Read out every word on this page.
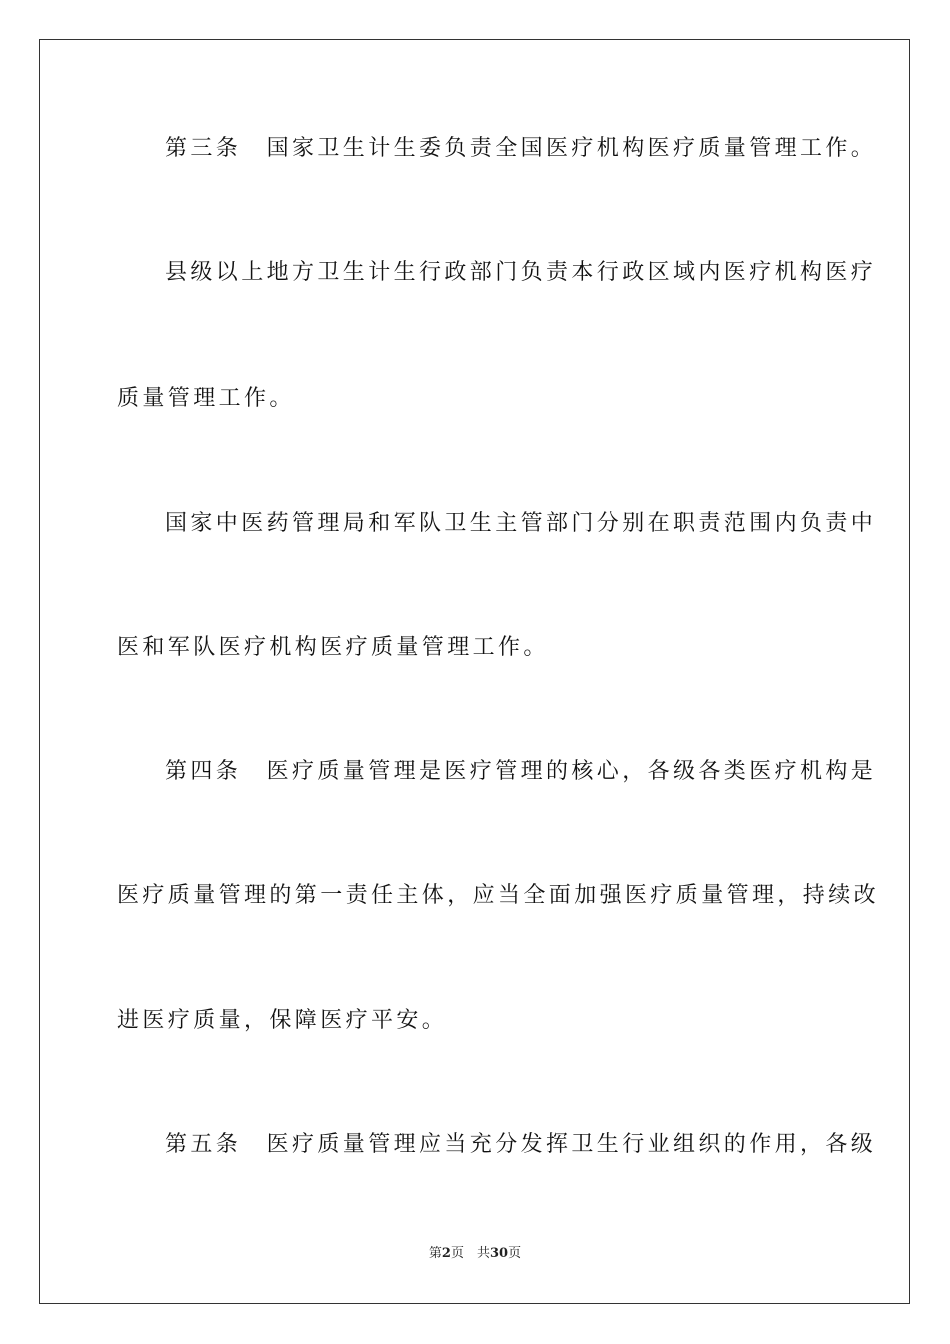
第三条　国家卫生计生委负责全国医疗机构医疗质量管理工作。
县级以上地方卫生计生行政部门负责本行政区域内医疗机构医疗
质量管理工作。
国家中医药管理局和军队卫生主管部门分别在职责范围内负责中
医和军队医疗机构医疗质量管理工作。
第四条　医疗质量管理是医疗管理的核心，各级各类医疗机构是
医疗质量管理的第一责任主体，应当全面加强医疗质量管理，持续改
进医疗质量，保障医疗平安。
第五条　医疗质量管理应当充分发挥卫生行业组织的作用，各级
第2页　 共30页
